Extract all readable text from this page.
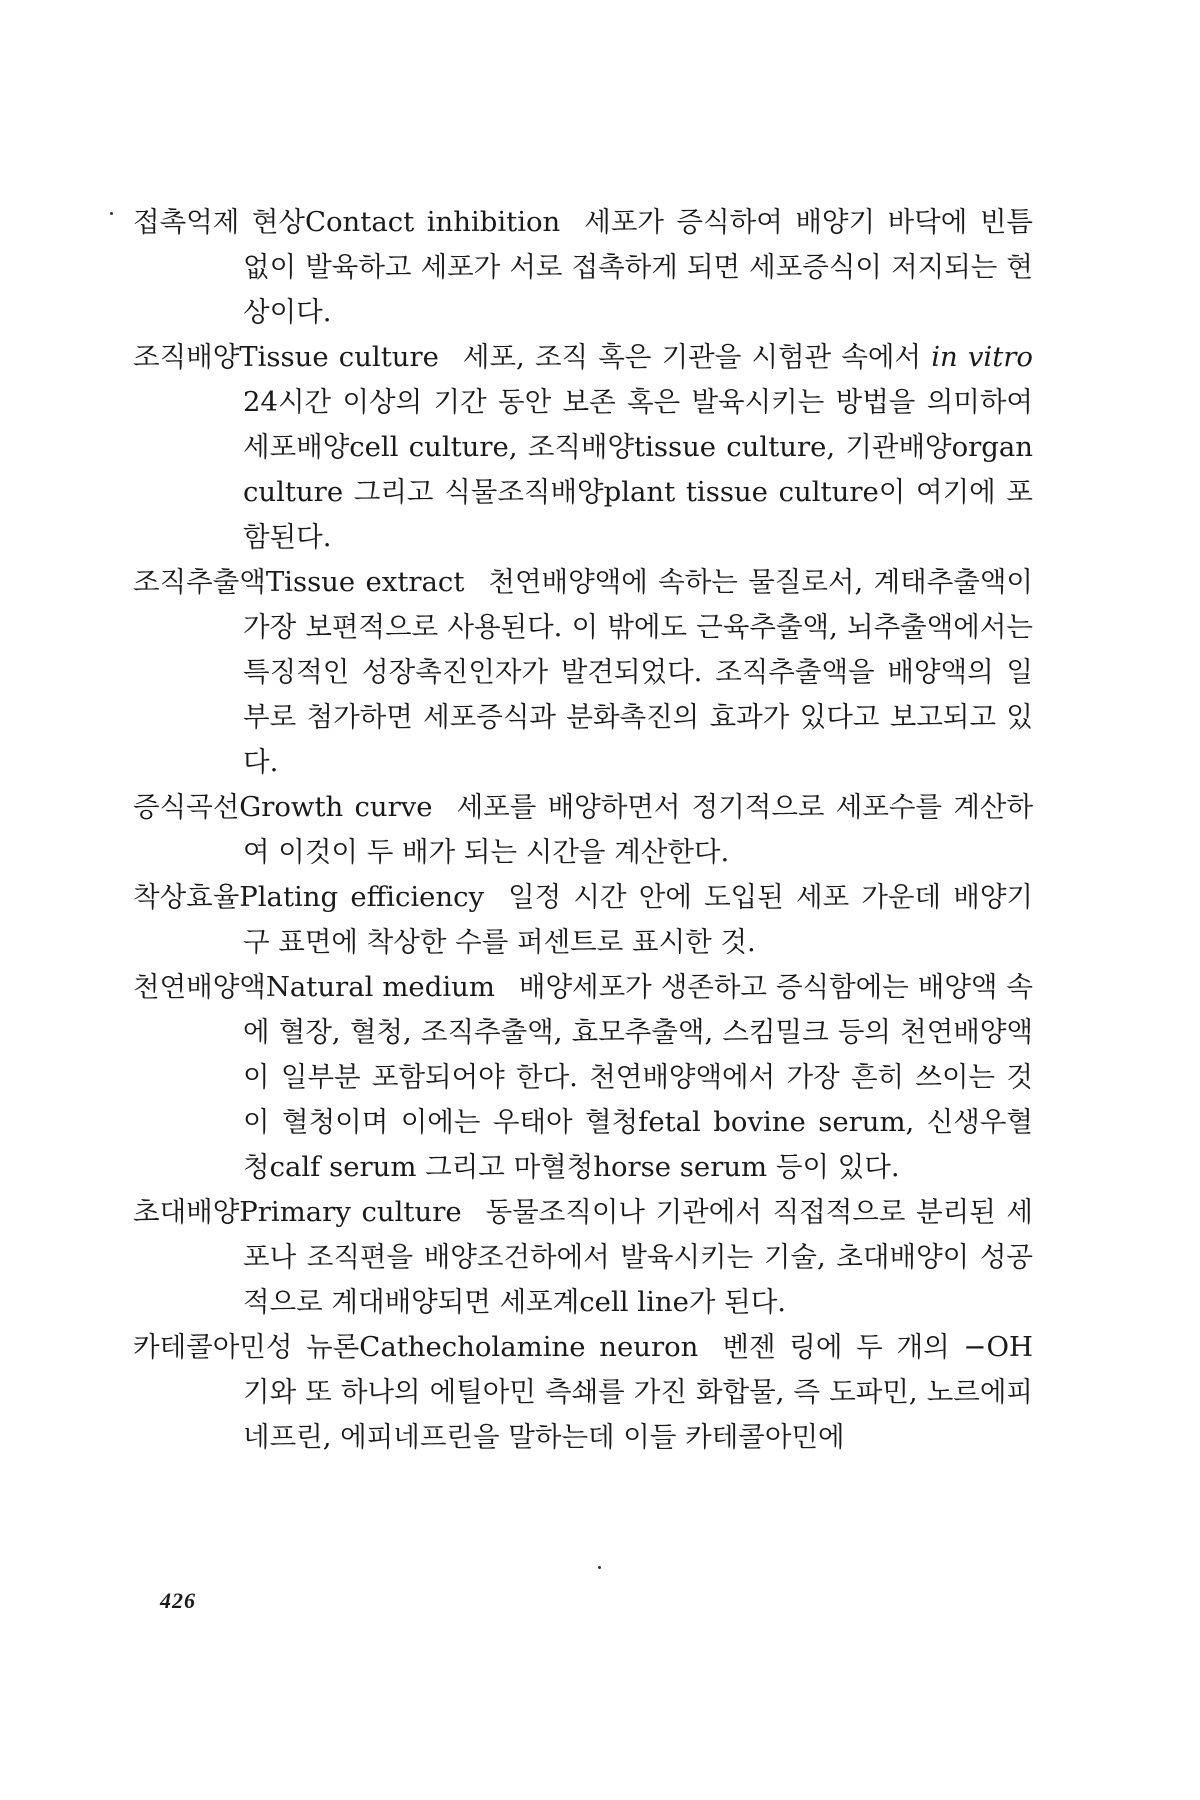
접촉억제 현상Contact inhibition 세포가 증식하여 배양기 바닥에 빈틈없이 발육하고 세포가 서로 접촉하게 되면 세포증식이 저지되는 현상이다.

조직배양Tissue culture 세포, 조직 혹은 기관을 시험관 속에서 in vitro 24시간 이상의 기간 동안 보존 혹은 발육시키는 방법을 의미하여 세포배양cell culture, 조직배양tissue culture, 기관배양organ culture 그리고 식물조직배양plant tissue culture이 여기에 포함된다.

조직추출액Tissue extract 천연배양액에 속하는 물질로서, 계태추출액이 가장 보편적으로 사용된다. 이 밖에도 근육추출액, 뇌추출액에서는 특징적인 성장촉진인자가 발견되었다. 조직추출액을 배양액의 일부로 첨가하면 세포증식과 분화촉진의 효과가 있다고 보고되고 있다.

증식곡선Growth curve 세포를 배양하면서 정기적으로 세포수를 계산하여 이것이 두 배가 되는 시간을 계산한다.

착상효율Plating efficiency 일정 시간 안에 도입된 세포 가운데 배양기구 표면에 착상한 수를 퍼센트로 표시한 것.

천연배양액Natural medium 배양세포가 생존하고 증식함에는 배양액 속에 혈장, 혈청, 조직추출액, 효모추출액, 스킴밀크 등의 천연배양액이 일부분 포함되어야 한다. 천연배양액에서 가장 흔히 쓰이는 것이 혈청이며 이에는 우태아 혈청fetal bovine serum, 신생우혈청calf serum 그리고 마혈청horse serum 등이 있다.

초대배양Primary culture 동물조직이나 기관에서 직접적으로 분리된 세포나 조직편을 배양조건하에서 발육시키는 기술, 초대배양이 성공적으로 계대배양되면 세포계cell line가 된다.

카테콜아민성 뉴론Cathecholamine neuron 벤젠 링에 두 개의 −OH 기와 또 하나의 에틸아민 측쇄를 가진 화합물, 즉 도파민, 노르에피네프린, 에피네프린을 말하는데 이들 카테콜아민에

426
